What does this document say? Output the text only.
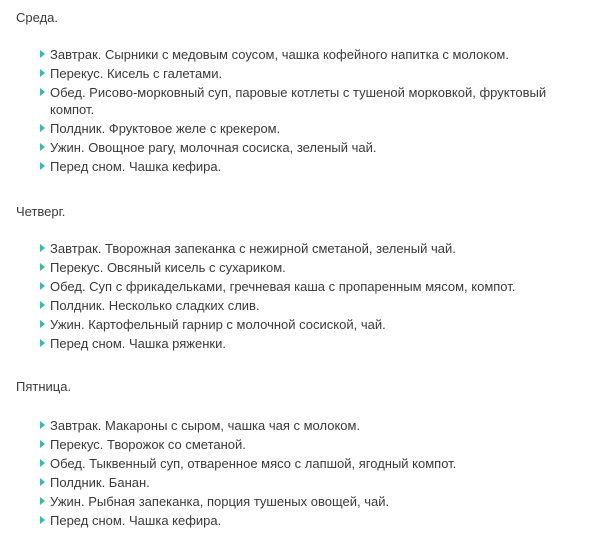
Среда.

Завтрак. Сырники с медовым соусом, чашка кофейного напитка с молоком.
Перекус. Кисель с галетами.
Обед. Рисово-морковный суп, паровые котлеты с тушеной морковкой, фруктовый компот.
Полдник. Фруктовое желе с крекером.
Ужин. Овощное рагу, молочная сосиска, зеленый чай.
Перед сном. Чашка кефира.

Четверг.

Завтрак. Творожная запеканка с нежирной сметаной, зеленый чай.
Перекус. Овсяный кисель с сухариком.
Обед. Суп с фрикадельками, гречневая каша с пропаренным мясом, компот.
Полдник. Несколько сладких слив.
Ужин. Картофельный гарнир с молочной сосиской, чай.
Перед сном. Чашка ряженки.

Пятница.

Завтрак. Макароны с сыром, чашка чая с молоком.
Перекус. Творожок со сметаной.
Обед. Тыквенный суп, отваренное мясо с лапшой, ягодный компот.
Полдник. Банан.
Ужин. Рыбная запеканка, порция тушеных овощей, чай.
Перед сном. Чашка кефира.
